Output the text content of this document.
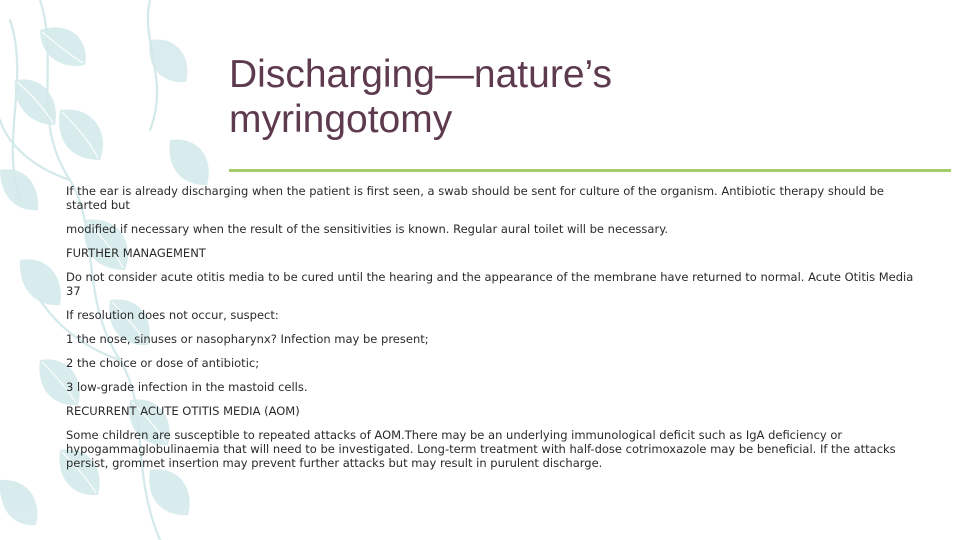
Discharging—nature’s
myringotomy

If the ear is already discharging when the patient is first seen, a swab should be sent for culture of the organism. Antibiotic therapy should be started but

modified if necessary when the result of the sensitivities is known. Regular aural toilet will be necessary.

FURTHER MANAGEMENT

Do not consider acute otitis media to be cured until the hearing and the appearance of the membrane have returned to normal. Acute Otitis Media 37

If resolution does not occur, suspect:

1 the nose, sinuses or nasopharynx? Infection may be present;

2 the choice or dose of antibiotic;

3 low-grade infection in the mastoid cells.

RECURRENT ACUTE OTITIS MEDIA (AOM)

Some children are susceptible to repeated attacks of AOM.There may be an underlying immunological deficit such as IgA deficiency or hypogammaglobulinaemia that will need to be investigated. Long-term treatment with half-dose cotrimoxazole may be beneficial. If the attacks persist, grommet insertion may prevent further attacks but may result in purulent discharge.
